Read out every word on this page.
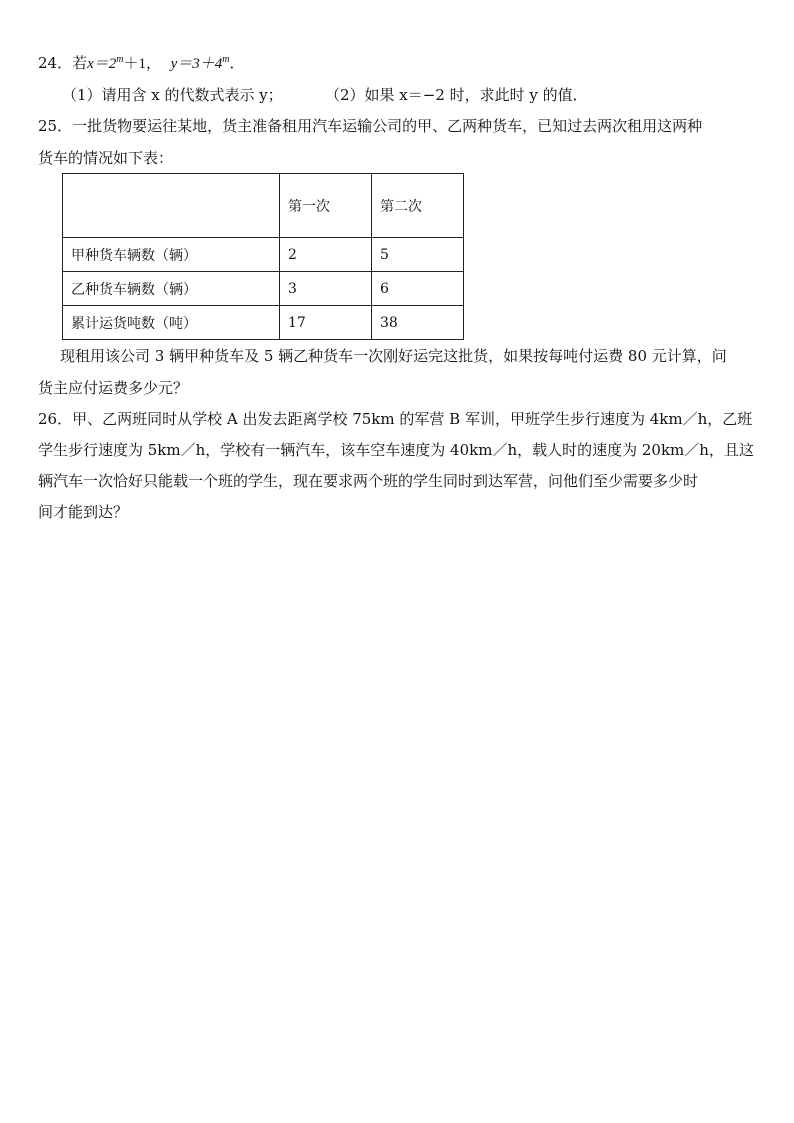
24．若$x=2^m+1$， $y=3+4^m$．
（1）请用含 x 的代数式表示 y；	（2）如果 x＝−2 时，求此时 y 的值．
25．一批货物要运往某地，货主准备租用汽车运输公司的甲、乙两种货车，已知过去两次租用这两种
货车的情况如下表：
	第一次	第二次
甲种货车辆数（辆）	2	5
乙种货车辆数（辆）	3	6
累计运货吨数（吨）	17	38
现租用该公司 3 辆甲种货车及 5 辆乙种货车一次刚好运完这批货，如果按每吨付运费 80 元计算，问
货主应付运费多少元？
26．甲、乙两班同时从学校 A 出发去距离学校 75km 的军营 B 军训，甲班学生步行速度为 4km／h，乙班
学生步行速度为 5km／h，学校有一辆汽车，该车空车速度为 40km／h，载人时的速度为 20km／h，且这
辆汽车一次恰好只能载一个班的学生，现在要求两个班的学生同时到达军营，问他们至少需要多少时
间才能到达？
